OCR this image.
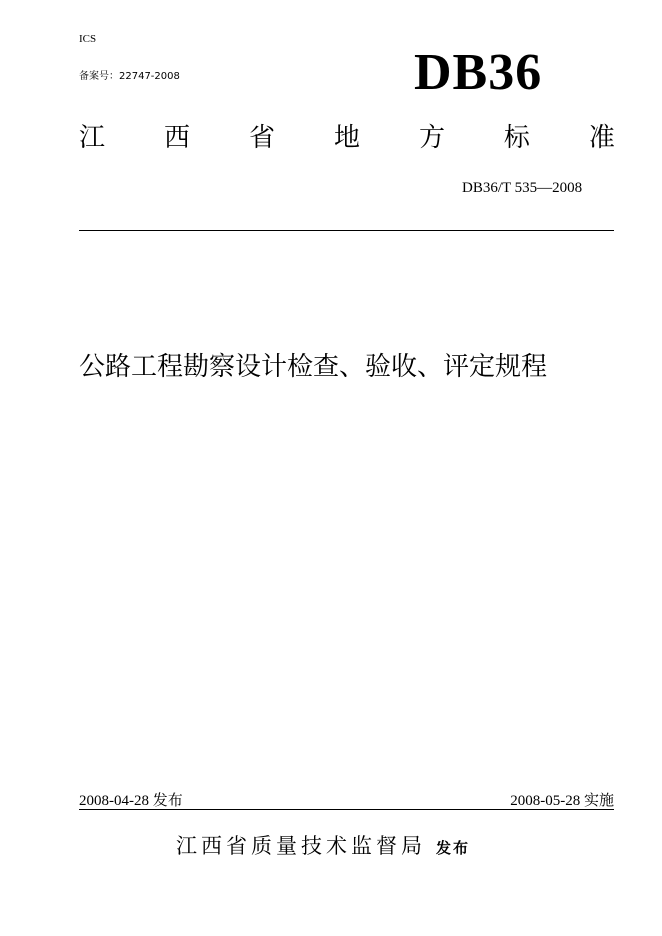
ICS
备案号：22747-2008	DB36
江 西 省 地 方 标 准
DB36/T 535—2008
公路工程勘察设计检查、验收、评定规程
2008-04-28 发布	2008-05-28 实施
江西省质量技术监督局 发布
